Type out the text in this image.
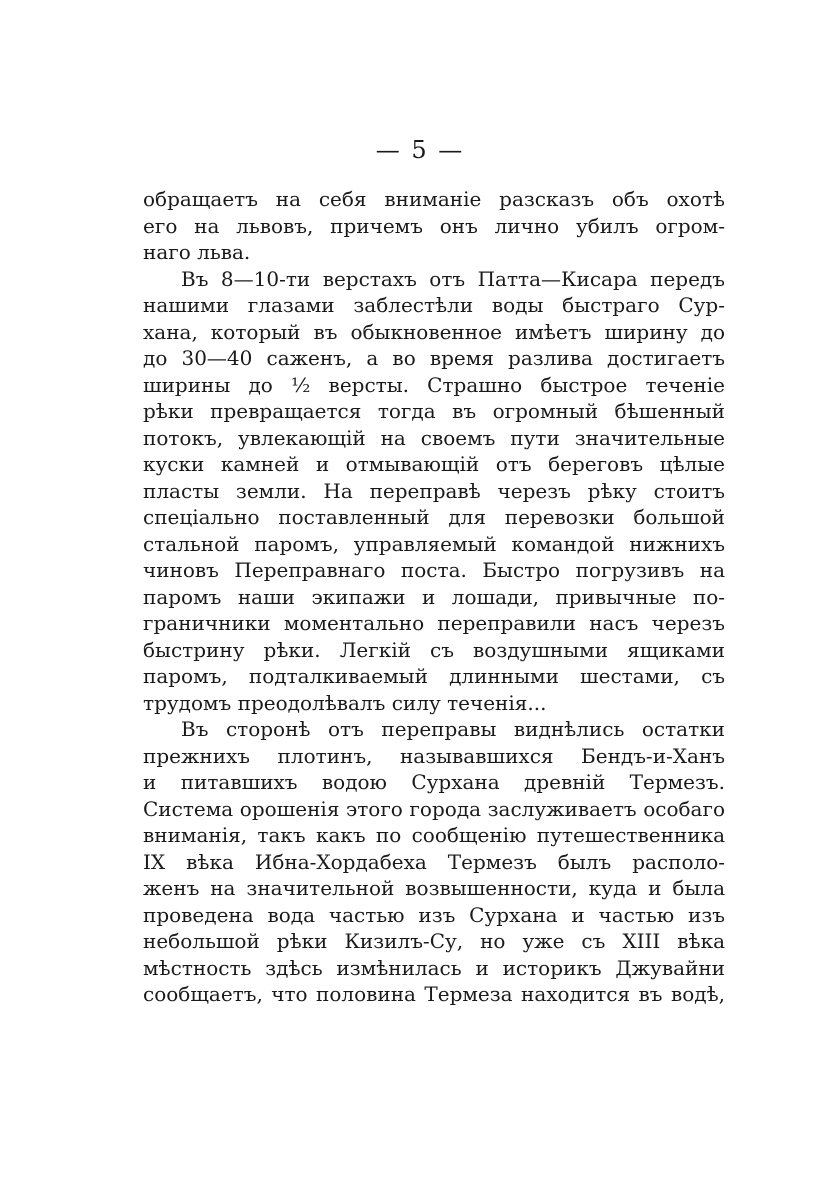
— 5 —
обращаетъ на себя вниманіе разсказъ объ охотѣ
его на львовъ, причемъ онъ лично убилъ огром-
наго льва.
Въ 8—10-ти верстахъ отъ Патта—Кисара передъ
нашими глазами заблестѣли воды быстраго Сур-
хана, который въ обыкновенное имѣетъ ширину до
до 30—40 саженъ, а во время разлива достигаетъ
ширины до ½ версты. Страшно быстрое теченіе
рѣки превращается тогда въ огромный бѣшенный
потокъ, увлекающій на своемъ пути значительные
куски камней и отмывающій отъ береговъ цѣлые
пласты земли. На переправѣ черезъ рѣку стоитъ
спеціально поставленный для перевозки большой
стальной паромъ, управляемый командой нижнихъ
чиновъ Переправнаго поста. Быстро погрузивъ на
паромъ наши экипажи и лошади, привычные по-
граничники моментально переправили насъ черезъ
быстрину рѣки. Легкій съ воздушными ящиками
паромъ, подталкиваемый длинными шестами, съ
трудомъ преодолѣвалъ силу теченія...
Въ сторонѣ отъ переправы виднѣлись остатки
прежнихъ плотинъ, называвшихся Бендъ-и-Ханъ
и питавшихъ водою Сурхана древній Термезъ.
Система орошенія этого города заслуживаетъ особаго
вниманія, такъ какъ по сообщенію путешественника
IX вѣка Ибна-Хордабеха Термезъ былъ располо-
женъ на значительной возвышенности, куда и была
проведена вода частью изъ Сурхана и частью изъ
небольшой рѣки Кизилъ-Су, но уже съ XIII вѣка
мѣстность здѣсь измѣнилась и историкъ Джувайни
сообщаетъ, что половина Термеза находится въ водѣ,
